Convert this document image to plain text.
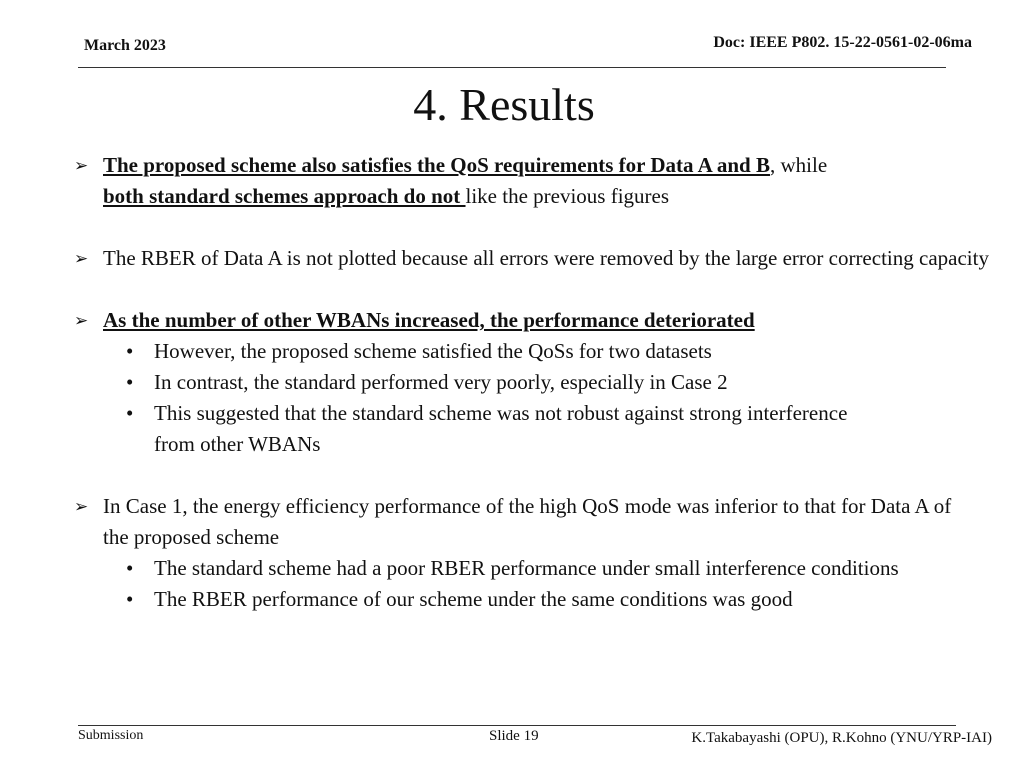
March 2023	Doc: IEEE P802. 15-22-0561-02-06ma
4. Results
➢ The proposed scheme also satisfies the QoS requirements for Data A and B, while
both standard schemes approach do not like the previous figures
➢ The RBER of Data A is not plotted because all errors were removed by the large error correcting capacity
➢ As the number of other WBANs increased, the performance deteriorated
• However, the proposed scheme satisfied the QoSs for two datasets
• In contrast, the standard performed very poorly, especially in Case 2
• This suggested that the standard scheme was not robust against strong interference from other WBANs
➢ In Case 1, the energy efficiency performance of the high QoS mode was inferior to that for Data A of the proposed scheme
• The standard scheme had a poor RBER performance under small interference conditions
• The RBER performance of our scheme under the same conditions was good
Submission	Slide 19	K.Takabayashi (OPU), R.Kohno (YNU/YRP-IAI)
